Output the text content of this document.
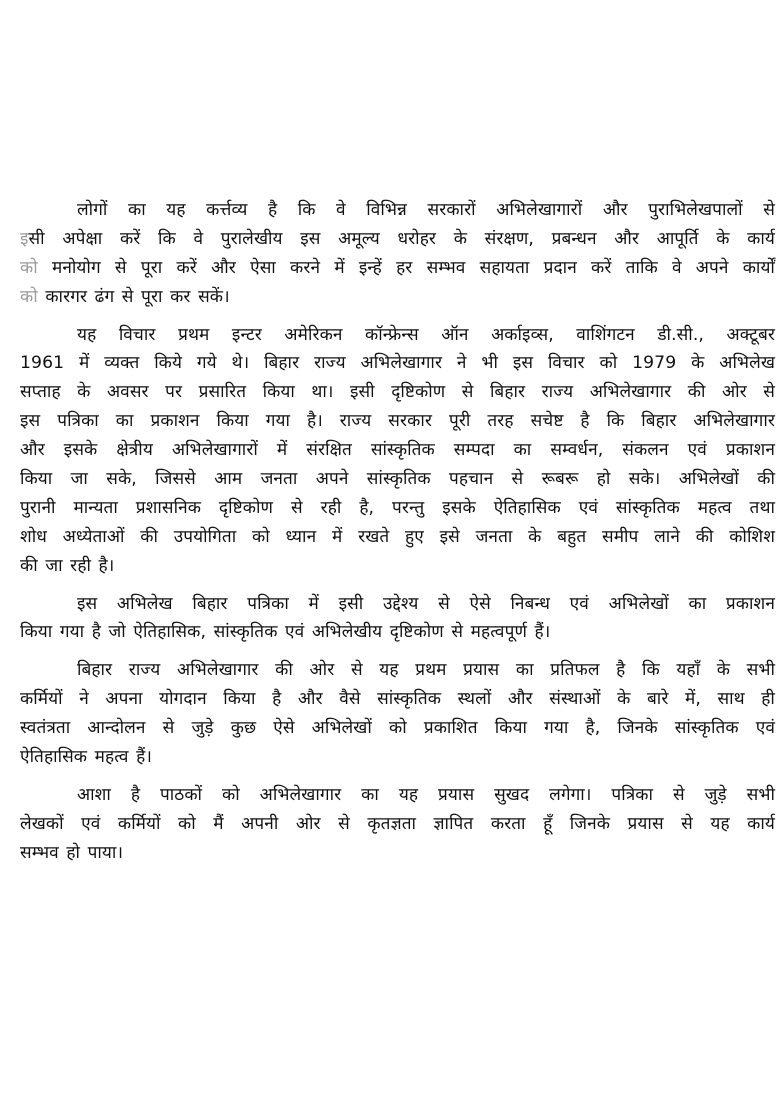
लोगों का यह कर्त्तव्य है कि वे विभिन्न सरकारों अभिलेखागारों और पुराभिलेखपालों से
इसी अपेक्षा करें कि वे पुरालेखीय इस अमूल्य धरोहर के संरक्षण, प्रबन्धन और आपूर्ति के कार्य
को मनोयोग से पूरा करें और ऐसा करने में इन्हें हर सम्भव सहायता प्रदान करें ताकि वे अपने कार्यों
को कारगर ढंग से पूरा कर सकें।
यह विचार प्रथम इन्टर अमेरिकन कॉन्फ्रेन्स ऑन अर्काइव्स, वाशिंगटन डी.सी., अक्टूबर
1961 में व्यक्त किये गये थे। बिहार राज्य अभिलेखागार ने भी इस विचार को 1979 के अभिलेख
सप्ताह के अवसर पर प्रसारित किया था। इसी दृष्टिकोण से बिहार राज्य अभिलेखागार की ओर से
इस पत्रिका का प्रकाशन किया गया है। राज्य सरकार पूरी तरह सचेष्ट है कि बिहार अभिलेखागार
और इसके क्षेत्रीय अभिलेखागारों में संरक्षित सांस्कृतिक सम्पदा का सम्वर्धन, संकलन एवं प्रकाशन
किया जा सके, जिससे आम जनता अपने सांस्कृतिक पहचान से रूबरू हो सके। अभिलेखों की
पुरानी मान्यता प्रशासनिक दृष्टिकोण से रही है, परन्तु इसके ऐतिहासिक एवं सांस्कृतिक महत्व तथा
शोध अध्येताओं की उपयोगिता को ध्यान में रखते हुए इसे जनता के बहुत समीप लाने की कोशिश
की जा रही है।
इस अभिलेख बिहार पत्रिका में इसी उद्देश्य से ऐसे निबन्ध एवं अभिलेखों का प्रकाशन
किया गया है जो ऐतिहासिक, सांस्कृतिक एवं अभिलेखीय दृष्टिकोण से महत्वपूर्ण हैं।
बिहार राज्य अभिलेखागार की ओर से यह प्रथम प्रयास का प्रतिफल है कि यहाँ के सभी
कर्मियों ने अपना योगदान किया है और वैसे सांस्कृतिक स्थलों और संस्थाओं के बारे में, साथ ही
स्वतंत्रता आन्दोलन से जुड़े कुछ ऐसे अभिलेखों को प्रकाशित किया गया है, जिनके सांस्कृतिक एवं
ऐतिहासिक महत्व हैं।
आशा है पाठकों को अभिलेखागार का यह प्रयास सुखद लगेगा। पत्रिका से जुड़े सभी
लेखकों एवं कर्मियों को मैं अपनी ओर से कृतज्ञता ज्ञापित करता हूँ जिनके प्रयास से यह कार्य
सम्भव हो पाया।
